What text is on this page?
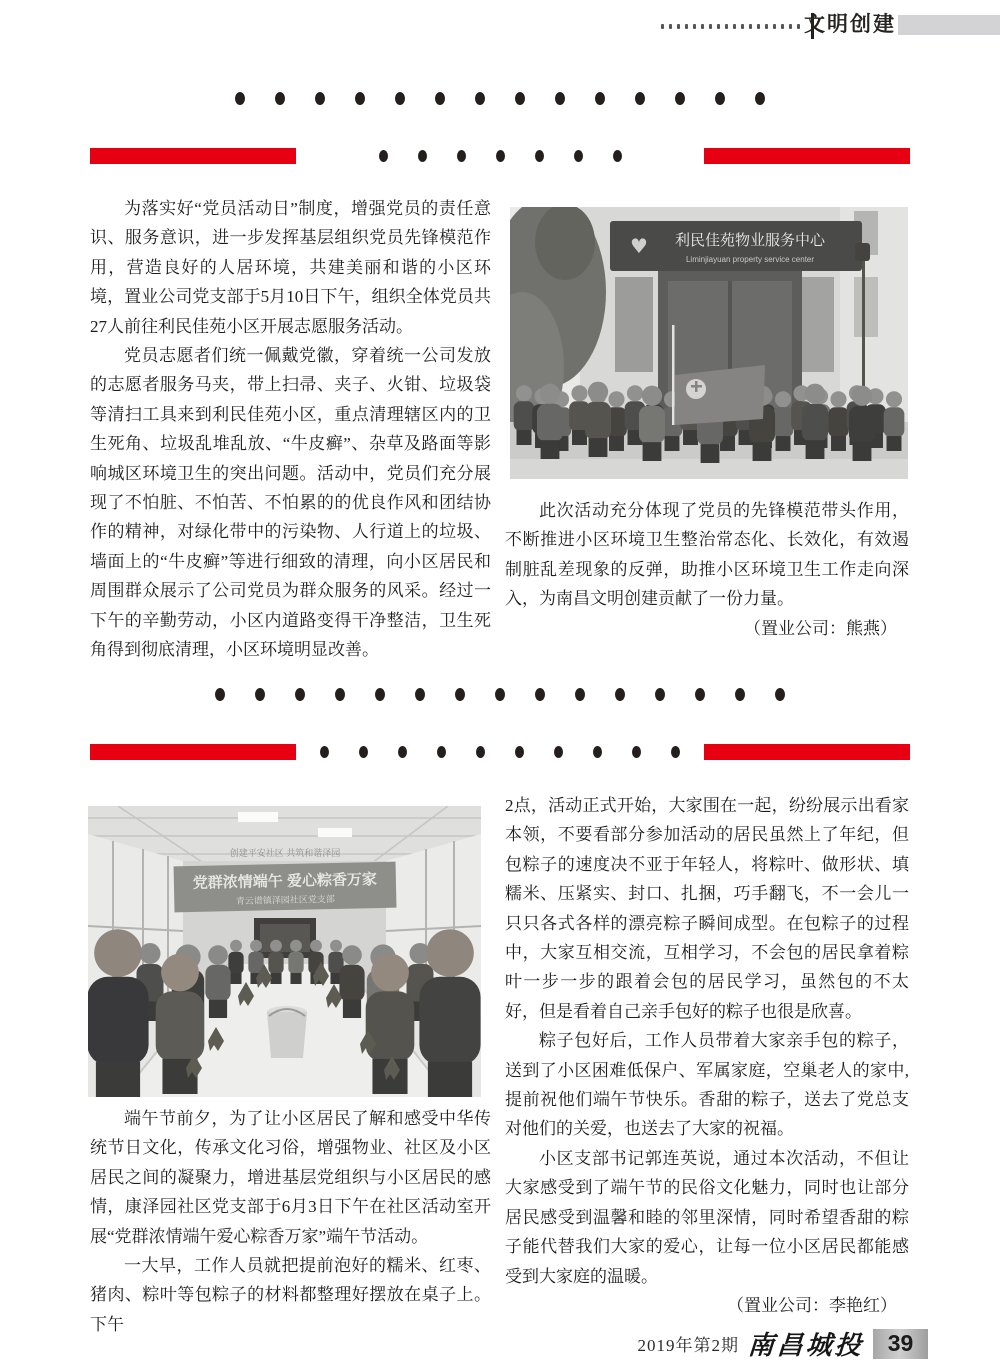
文明创建

为落实好“党员活动日”制度，增强党员的责任意识、服务意识，进一步发挥基层组织党员先锋模范作用，营造良好的人居环境，共建美丽和谐的小区环境，置业公司党支部于5月10日下午，组织全体党员共27人前往利民佳苑小区开展志愿服务活动。

党员志愿者们统一佩戴党徽，穿着统一公司发放的志愿者服务马夹，带上扫帚、夹子、火钳、垃圾袋等清扫工具来到利民佳苑小区，重点清理辖区内的卫生死角、垃圾乱堆乱放、“牛皮癣”、杂草及路面等影响城区环境卫生的突出问题。活动中，党员们充分展现了不怕脏、不怕苦、不怕累的的优良作风和团结协作的精神，对绿化带中的污染物、人行道上的垃圾、墙面上的“牛皮癣”等进行细致的清理，向小区居民和周围群众展示了公司党员为群众服务的风采。经过一下午的辛勤劳动，小区内道路变得干净整洁，卫生死角得到彻底清理，小区环境明显改善。

♥ 利民佳苑物业服务中心
Liminjiayuan property service center

此次活动充分体现了党员的先锋模范带头作用，不断推进小区环境卫生整治常态化、长效化，有效遏制脏乱差现象的反弹，助推小区环境卫生工作走向深入，为南昌文明创建贡献了一份力量。

（置业公司：熊燕）

创建平安社区 共筑和谐泽园
党群浓情端午 爱心粽香万家
青云谱镇泽园社区党支部

端午节前夕，为了让小区居民了解和感受中华传统节日文化，传承文化习俗，增强物业、社区及小区居民之间的凝聚力，增进基层党组织与小区居民的感情，康泽园社区党支部于6月3日下午在社区活动室开展“党群浓情端午爱心粽香万家”端午节活动。

一大早，工作人员就把提前泡好的糯米、红枣、猪肉、粽叶等包粽子的材料都整理好摆放在桌子上。下午

2点，活动正式开始，大家围在一起，纷纷展示出看家本领，不要看部分参加活动的居民虽然上了年纪，但包粽子的速度决不亚于年轻人，将粽叶、做形状、填糯米、压紧实、封口、扎捆，巧手翻飞，不一会儿一只只各式各样的漂亮粽子瞬间成型。在包粽子的过程中，大家互相交流，互相学习，不会包的居民拿着粽叶一步一步的跟着会包的居民学习，虽然包的不太好，但是看着自己亲手包好的粽子也很是欣喜。

粽子包好后，工作人员带着大家亲手包的粽子，送到了小区困难低保户、军属家庭，空巢老人的家中,提前祝他们端午节快乐。香甜的粽子，送去了党总支对他们的关爱，也送去了大家的祝福。

小区支部书记郭连英说，通过本次活动，不但让大家感受到了端午节的民俗文化魅力，同时也让部分居民感受到温馨和睦的邻里深情，同时希望香甜的粽子能代替我们大家的爱心，让每一位小区居民都能感受到大家庭的温暖。

（置业公司：李艳红）

2019年第2期 南昌城投 39
